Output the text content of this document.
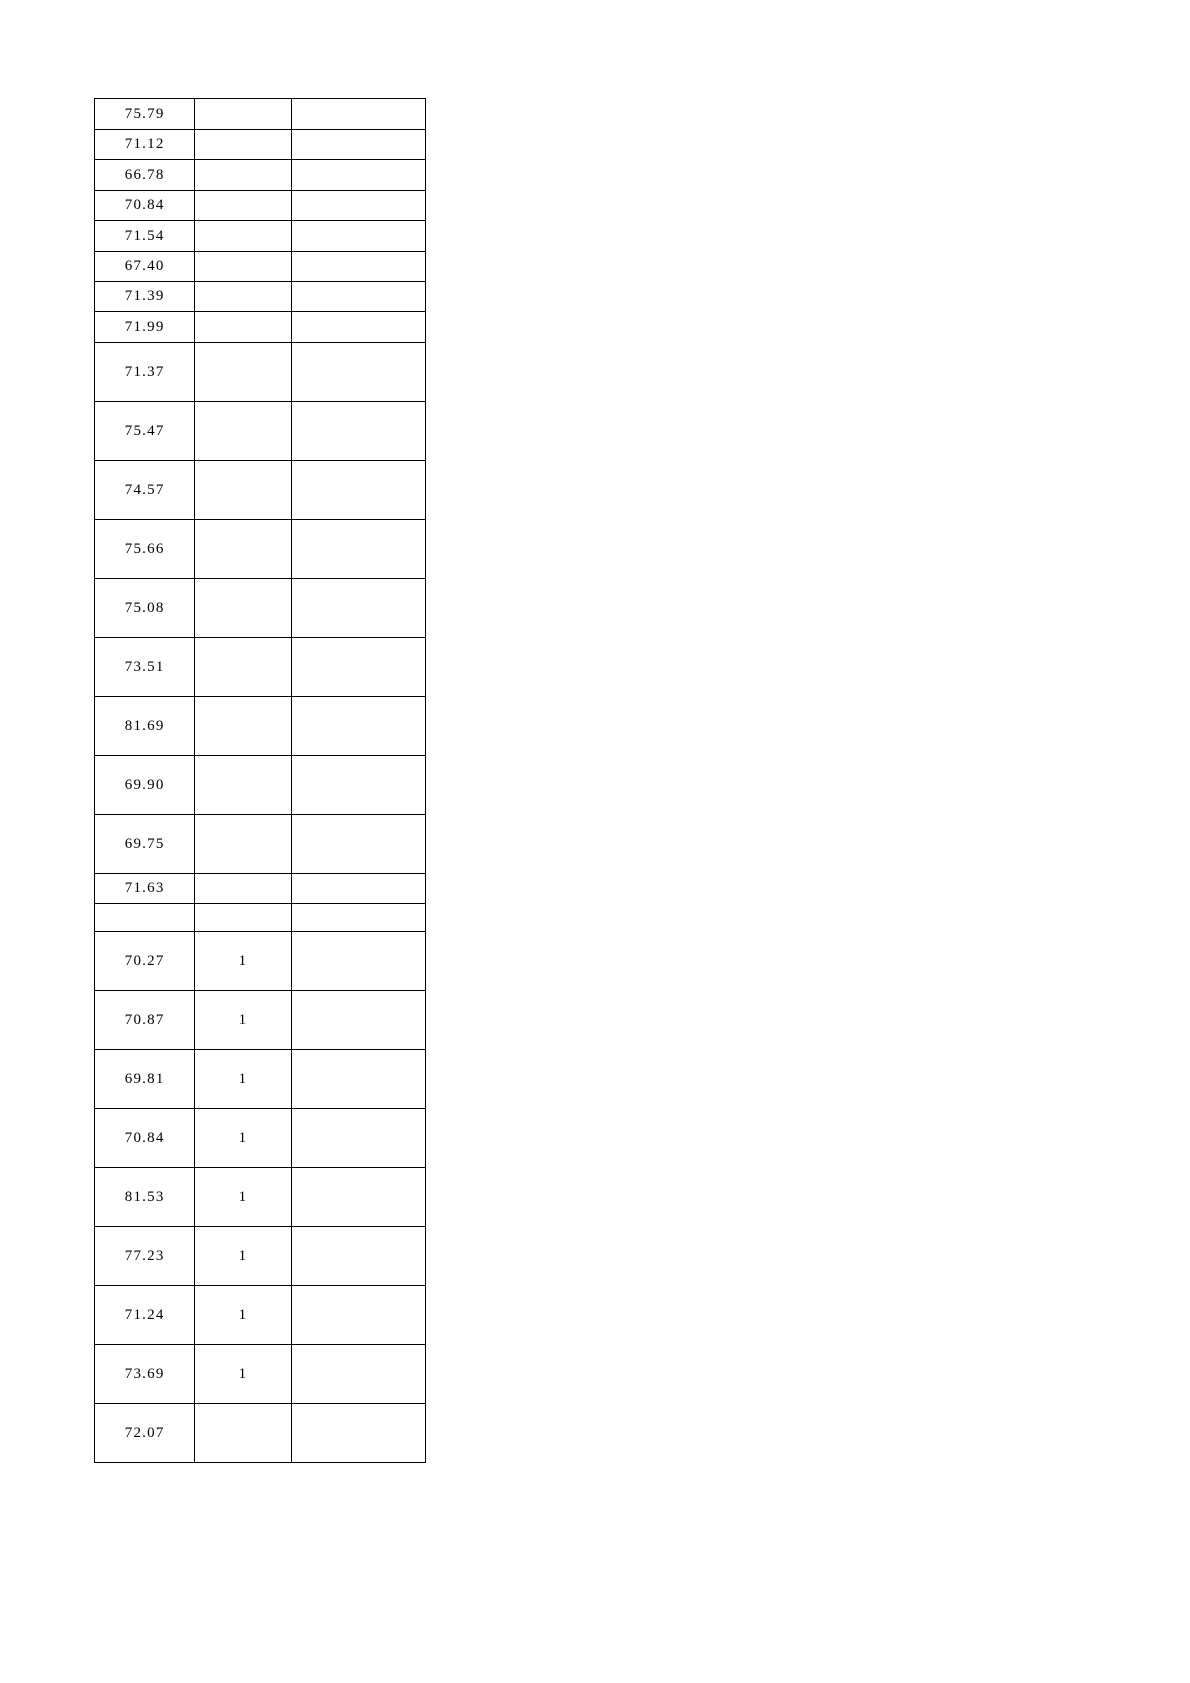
75.79		
71.12		
66.78		
70.84		
71.54		
67.40		
71.39		
71.99		
71.37		
75.47		
74.57		
75.66		
75.08		
73.51		
81.69		
69.90		
69.75		
71.63		

70.27	1	
70.87	1	
69.81	1	
70.84	1	
81.53	1	
77.23	1	
71.24	1	
73.69	1	
72.07		
